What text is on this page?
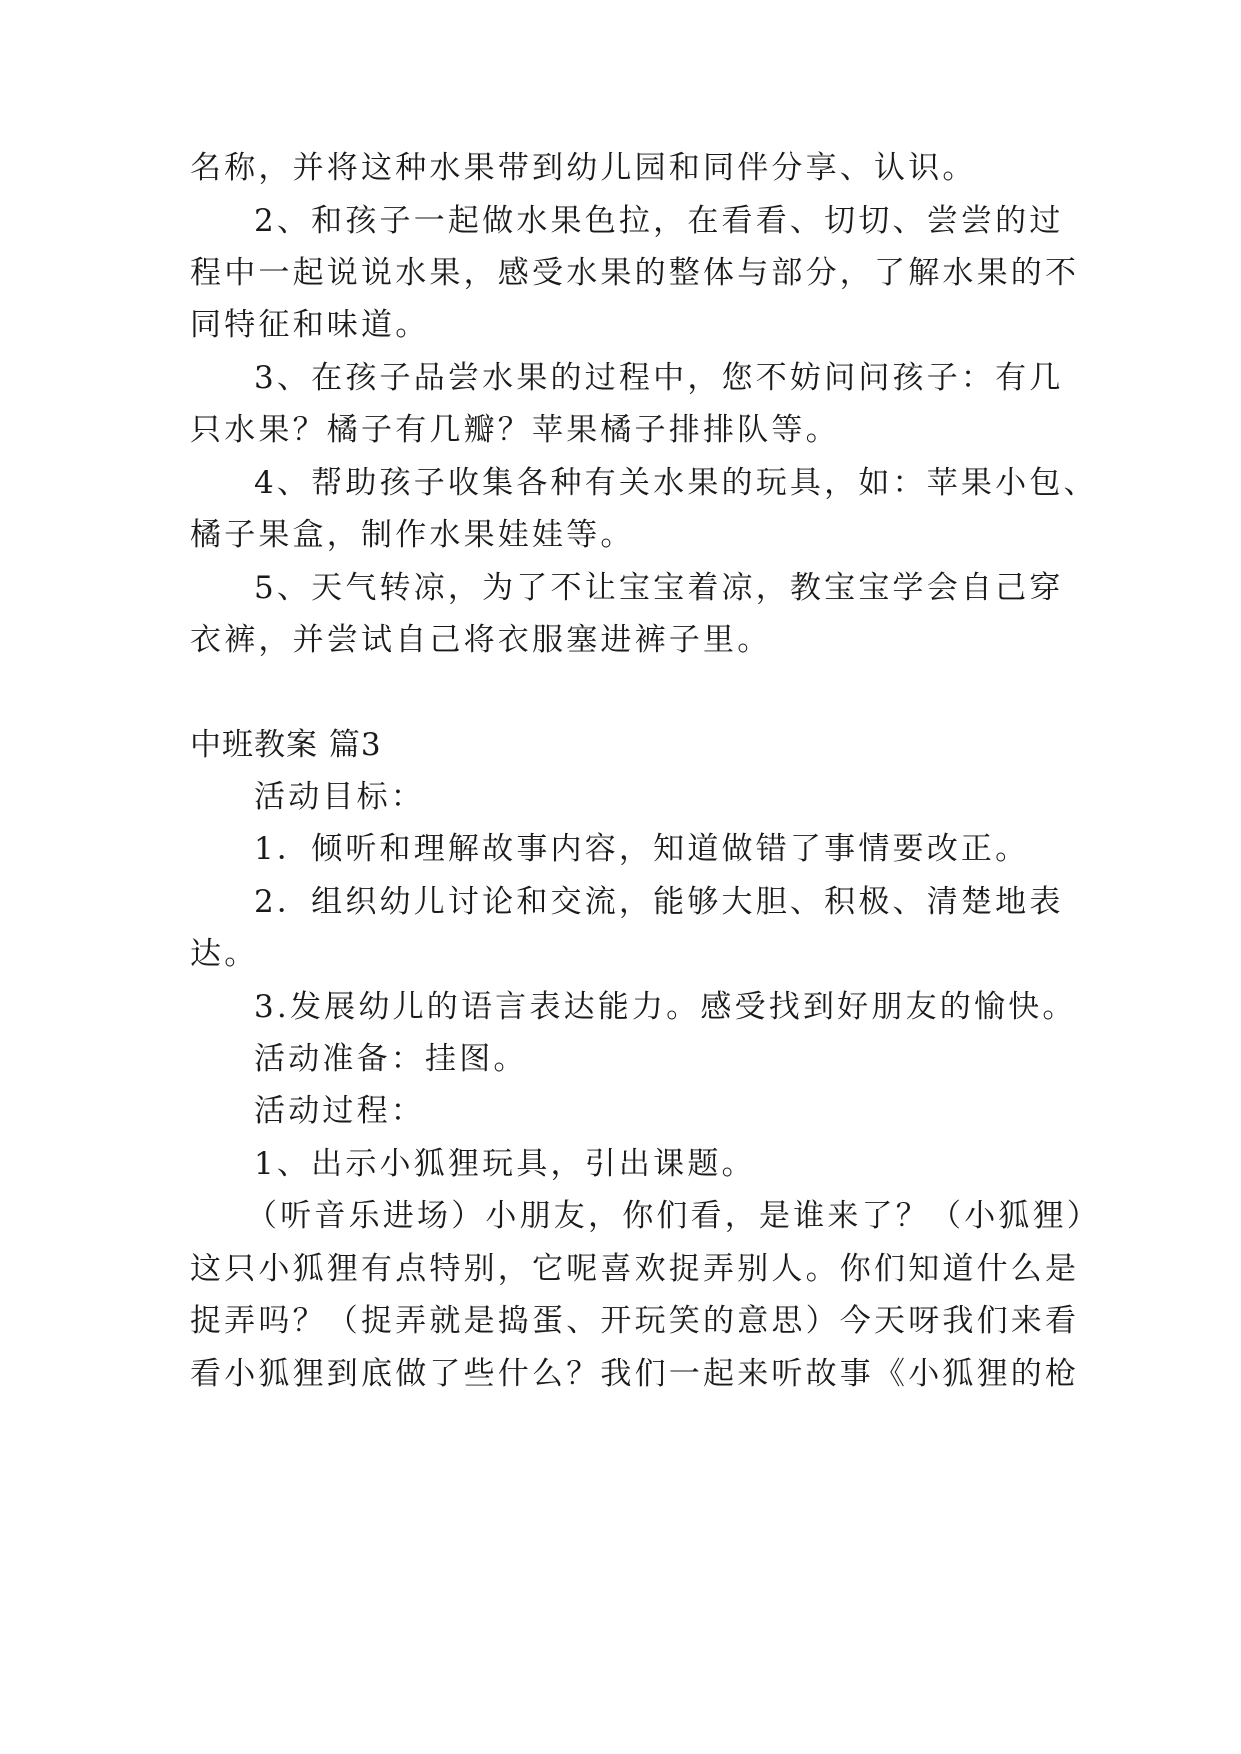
名称，并将这种水果带到幼儿园和同伴分享、认识。
2、和孩子一起做水果色拉，在看看、切切、尝尝的过
程中一起说说水果，感受水果的整体与部分，了解水果的不
同特征和味道。
3、在孩子品尝水果的过程中，您不妨问问孩子：有几
只水果？橘子有几瓣？苹果橘子排排队等。
4、帮助孩子收集各种有关水果的玩具，如：苹果小包、
橘子果盒，制作水果娃娃等。
5、天气转凉，为了不让宝宝着凉，教宝宝学会自己穿
衣裤，并尝试自己将衣服塞进裤子里。
中班教案 篇3
活动目标：
1．倾听和理解故事内容，知道做错了事情要改正。
2．组织幼儿讨论和交流，能够大胆、积极、清楚地表
达。
3.发展幼儿的语言表达能力。感受找到好朋友的愉快。
活动准备：挂图。
活动过程：
1、出示小狐狸玩具，引出课题。
（听音乐进场）小朋友，你们看，是谁来了？（小狐狸）
这只小狐狸有点特别，它呢喜欢捉弄别人。你们知道什么是
捉弄吗？（捉弄就是捣蛋、开玩笑的意思）今天呀我们来看
看小狐狸到底做了些什么？我们一起来听故事《小狐狸的枪
